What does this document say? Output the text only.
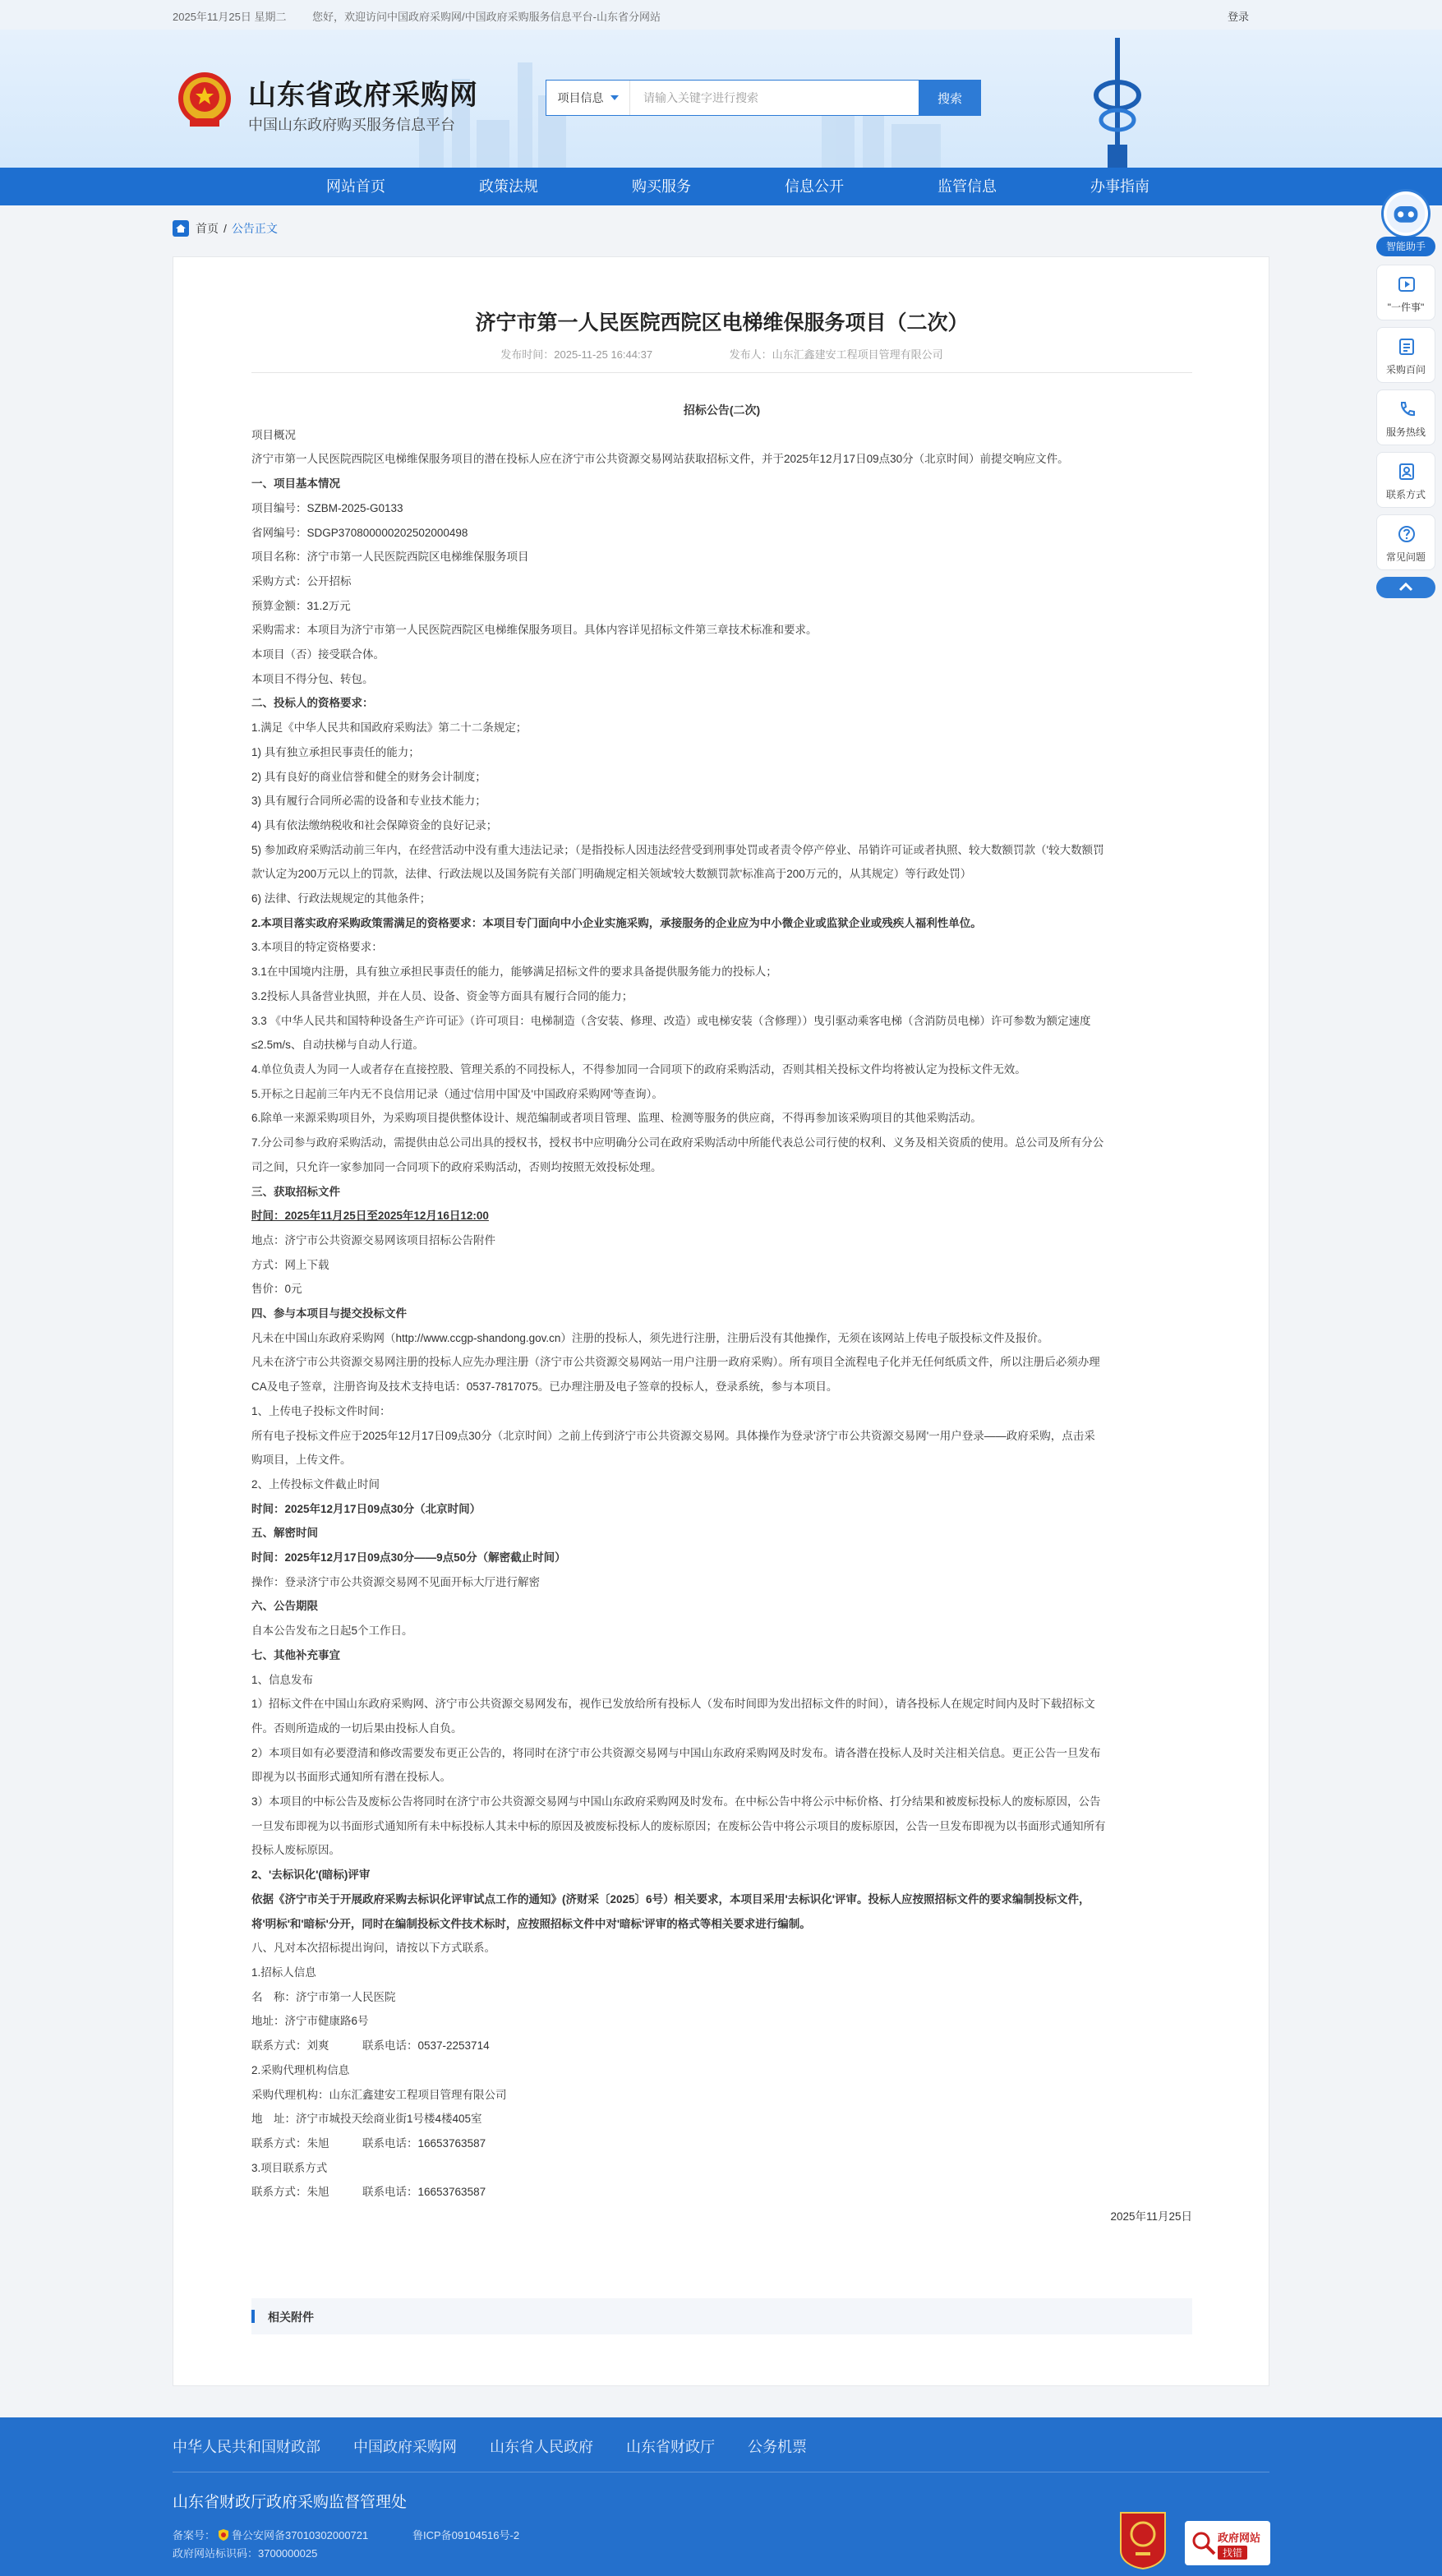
2025年11月25日 星期二 您好，欢迎访问中国政府采购网/中国政府采购服务信息平台-山东省分网站	登录
山东省政府采购网
中国山东政府购买服务信息平台
项目信息
请输入关键字进行搜索	搜索
网站首页	政策法规	购买服务	信息公开	监管信息	办事指南
首页 / 公告正文
济宁市第一人民医院西院区电梯维保服务项目（二次）
发布时间：2025-11-25 16:44:37	发布人：山东汇鑫建安工程项目管理有限公司

招标公告(二次)

项目概况

济宁市第一人民医院西院区电梯维保服务项目的潜在投标人应在济宁市公共资源交易网站获取招标文件，并于2025年12月17日09点30分（北京时间）前提交响应文件。

一、项目基本情况

项目编号：SZBM-2025-G0133

省网编号：SDGP370800000202502000498

项目名称：济宁市第一人民医院西院区电梯维保服务项目

采购方式：公开招标

预算金额：31.2万元

采购需求：本项目为济宁市第一人民医院西院区电梯维保服务项目。具体内容详见招标文件第三章技术标准和要求。

本项目（否）接受联合体。

本项目不得分包、转包。

二、投标人的资格要求：

1.满足《中华人民共和国政府采购法》第二十二条规定；

1) 具有独立承担民事责任的能力；

2) 具有良好的商业信誉和健全的财务会计制度；

3) 具有履行合同所必需的设备和专业技术能力；

4) 具有依法缴纳税收和社会保障资金的良好记录；

5) 参加政府采购活动前三年内，在经营活动中没有重大违法记录；（是指投标人因违法经营受到刑事处罚或者责令停产停业、吊销许可证或者执照、较大数额罚款（'较大数额罚

款'认定为200万元以上的罚款，法律、行政法规以及国务院有关部门明确规定相关领域'较大数额罚款'标准高于200万元的，从其规定）等行政处罚）

6) 法律、行政法规规定的其他条件；

2.本项目落实政府采购政策需满足的资格要求：本项目专门面向中小企业实施采购，承接服务的企业应为中小微企业或监狱企业或残疾人福利性单位。

3.本项目的特定资格要求：

3.1在中国境内注册，具有独立承担民事责任的能力，能够满足招标文件的要求具备提供服务能力的投标人；

3.2投标人具备营业执照，并在人员、设备、资金等方面具有履行合同的能力；

3.3 《中华人民共和国特种设备生产许可证》（许可项目：电梯制造（含安装、修理、改造）或电梯安装（含修理））曳引驱动乘客电梯（含消防员电梯）许可参数为额定速度

≤2.5m/s、自动扶梯与自动人行道。

4.单位负责人为同一人或者存在直接控股、管理关系的不同投标人，不得参加同一合同项下的政府采购活动，否则其相关投标文件均将被认定为投标文件无效。

5.开标之日起前三年内无不良信用记录（通过'信用中国'及'中国政府采购网'等查询）。

6.除单一来源采购项目外，为采购项目提供整体设计、规范编制或者项目管理、监理、检测等服务的供应商，不得再参加该采购项目的其他采购活动。

7.分公司参与政府采购活动，需提供由总公司出具的授权书，授权书中应明确分公司在政府采购活动中所能代表总公司行使的权利、义务及相关资质的使用。总公司及所有分公

司之间，只允许一家参加同一合同项下的政府采购活动，否则均按照无效投标处理。

三、获取招标文件

时间：2025年11月25日至2025年12月16日12:00

地点：济宁市公共资源交易网该项目招标公告附件

方式：网上下载

售价：0元

四、参与本项目与提交投标文件

凡未在中国山东政府采购网（http://www.ccgp-shandong.gov.cn）注册的投标人，须先进行注册，注册后没有其他操作，无须在该网站上传电子版投标文件及报价。

凡未在济宁市公共资源交易网注册的投标人应先办理注册（济宁市公共资源交易网站一用户注册一政府采购）。所有项目全流程电子化并无任何纸质文件，所以注册后必须办理

CA及电子签章，注册咨询及技术支持电话：0537-7817075。已办理注册及电子签章的投标人，登录系统，参与本项目。

1、上传电子投标文件时间：

所有电子投标文件应于2025年12月17日09点30分（北京时间）之前上传到济宁市公共资源交易网。具体操作为登录'济宁市公共资源交易网'一用户登录——政府采购，点击采

购项目，上传文件。

2、上传投标文件截止时间

时间：2025年12月17日09点30分（北京时间）

五、解密时间

时间：2025年12月17日09点30分——9点50分（解密截止时间）

操作：登录济宁市公共资源交易网不见面开标大厅进行解密

六、公告期限

自本公告发布之日起5个工作日。

七、其他补充事宜

1、信息发布

1）招标文件在中国山东政府采购网、济宁市公共资源交易网发布，视作已发放给所有投标人（发布时间即为发出招标文件的时间），请各投标人在规定时间内及时下载招标文

件。否则所造成的一切后果由投标人自负。

2）本项目如有必要澄清和修改需要发布更正公告的，将同时在济宁市公共资源交易网与中国山东政府采购网及时发布。请各潜在投标人及时关注相关信息。更正公告一旦发布

即视为以书面形式通知所有潜在投标人。

3）本项目的中标公告及废标公告将同时在济宁市公共资源交易网与中国山东政府采购网及时发布。在中标公告中将公示中标价格、打分结果和被废标投标人的废标原因，公告

一旦发布即视为以书面形式通知所有未中标投标人其未中标的原因及被废标投标人的废标原因；在废标公告中将公示项目的废标原因，公告一旦发布即视为以书面形式通知所有

投标人废标原因。

2、'去标识化'(暗标)评审

依据《济宁市关于开展政府采购去标识化评审试点工作的通知》(济财采〔2025〕6号）相关要求，本项目采用'去标识化'评审。投标人应按照招标文件的要求编制投标文件，

将'明标'和'暗标'分开，同时在编制投标文件技术标时，应按照招标文件中对'暗标'评审的格式等相关要求进行编制。

八、凡对本次招标提出询问，请按以下方式联系。

1.招标人信息

名　称：济宁市第一人民医院

地址：济宁市健康路6号

联系方式：刘爽　　　联系电话：0537-2253714

2.采购代理机构信息

采购代理机构：山东汇鑫建安工程项目管理有限公司

地　址：济宁市城投天绘商业街1号楼4楼405室

联系方式：朱旭　　　联系电话：16653763587

3.项目联系方式

联系方式：朱旭　　　联系电话：16653763587

2025年11月25日

相关附件
智能助手
"一件事"
采购百问
服务热线
联系方式
常见问题
中华人民共和国财政部 中国政府采购网 山东省人民政府 山东省财政厅 公务机票
山东省财政厅政府采购监督管理处
备案号： 鲁公安网备37010302000721	鲁ICP备09104516号-2
政府网站标识码：3700000025
政府网站
找错
